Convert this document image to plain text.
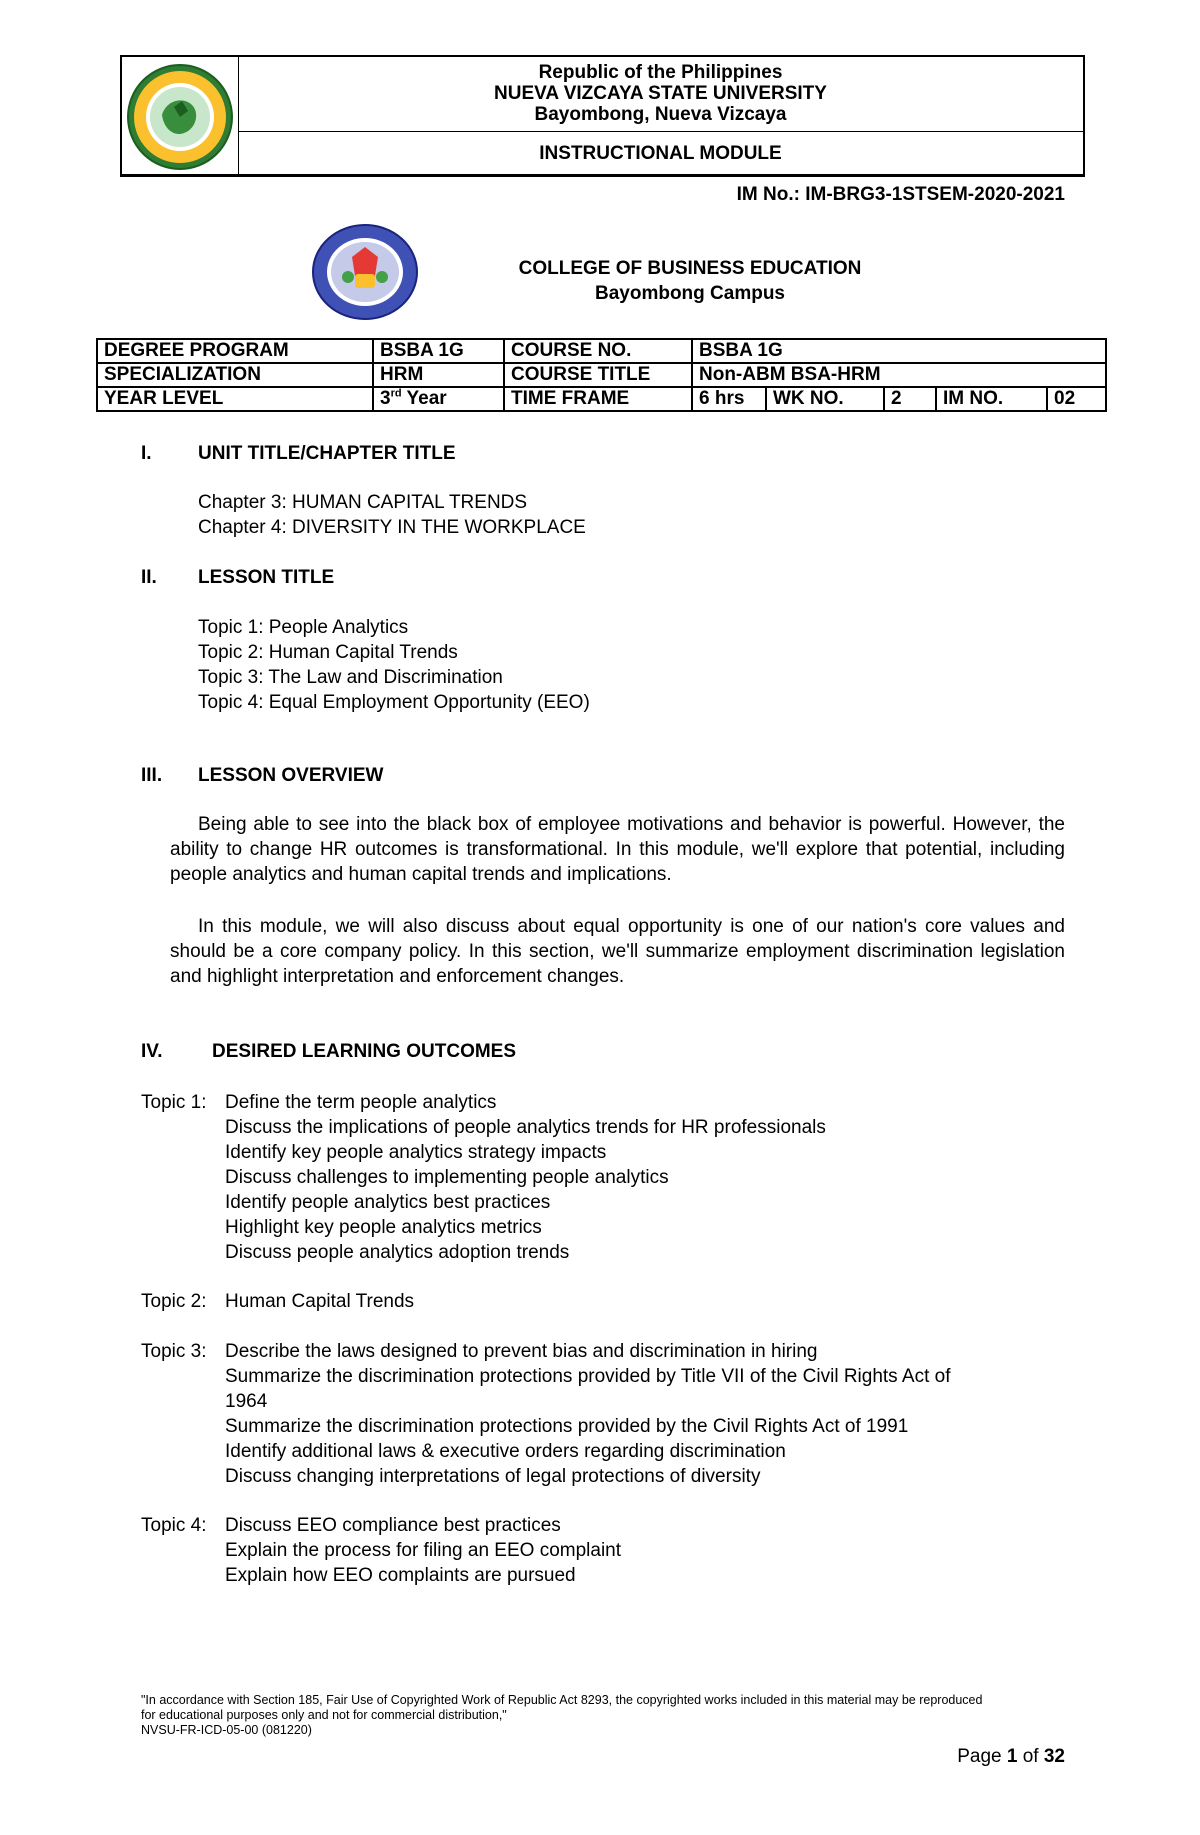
Republic of the Philippines
NUEVA VIZCAYA STATE UNIVERSITY
Bayombong, Nueva Vizcaya
INSTRUCTIONAL MODULE
IM No.: IM-BRG3-1STSEM-2020-2021
COLLEGE OF BUSINESS EDUCATION
Bayombong Campus
DEGREE PROGRAM	BSBA 1G	COURSE NO.	BSBA 1G				
SPECIALIZATION	HRM	COURSE TITLE	Non-ABM BSA-HRM				
YEAR LEVEL	3rd Year	TIME FRAME	6 hrs	WK NO.	2	IM NO.	02
I. UNIT TITLE/CHAPTER TITLE
Chapter 3: HUMAN CAPITAL TRENDS
Chapter 4: DIVERSITY IN THE WORKPLACE
II. LESSON TITLE
Topic 1: People Analytics
Topic 2: Human Capital Trends
Topic 3: The Law and Discrimination
Topic 4: Equal Employment Opportunity (EEO)
III. LESSON OVERVIEW
Being able to see into the black box of employee motivations and behavior is powerful. However, the ability to change HR outcomes is transformational. In this module, we'll explore that potential, including people analytics and human capital trends and implications.
In this module, we will also discuss about equal opportunity is one of our nation's core values and should be a core company policy. In this section, we'll summarize employment discrimination legislation and highlight interpretation and enforcement changes.
IV.	DESIRED LEARNING OUTCOMES
Topic 1: Define the term people analytics
Discuss the implications of people analytics trends for HR professionals
Identify key people analytics strategy impacts
Discuss challenges to implementing people analytics
Identify people analytics best practices
Highlight key people analytics metrics
Discuss people analytics adoption trends
Topic 2: Human Capital Trends
Topic 3: Describe the laws designed to prevent bias and discrimination in hiring
Summarize the discrimination protections provided by Title VII of the Civil Rights Act of
1964
Summarize the discrimination protections provided by the Civil Rights Act of 1991
Identify additional laws & executive orders regarding discrimination
Discuss changing interpretations of legal protections of diversity
Topic 4: Discuss EEO compliance best practices
Explain the process for filing an EEO complaint
Explain how EEO complaints are pursued
"In accordance with Section 185, Fair Use of Copyrighted Work of Republic Act 8293, the copyrighted works included in this material may be reproduced
for educational purposes only and not for commercial distribution,"
NVSU-FR-ICD-05-00 (081220)
Page 1 of 32
